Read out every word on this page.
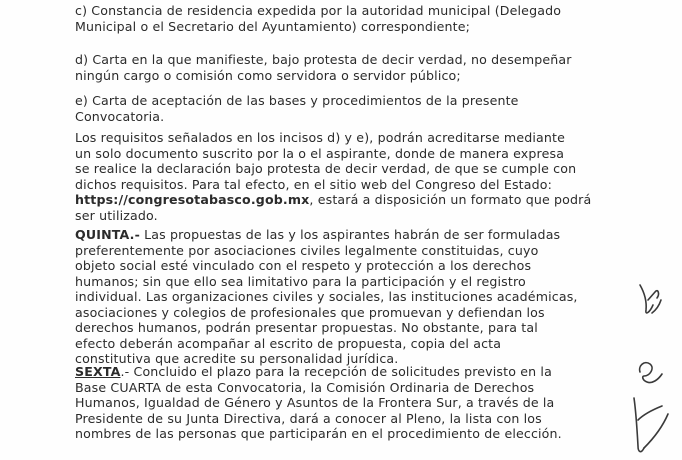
c) Constancia de residencia expedida por la autoridad municipal (Delegado
Municipal o el Secretario del Ayuntamiento) correspondiente;
d) Carta en la que manifieste, bajo protesta de decir verdad, no desempeñar
ningún cargo o comisión como servidora o servidor público;
e) Carta de aceptación de las bases y procedimientos de la presente
Convocatoria.
Los requisitos señalados en los incisos d) y e), podrán acreditarse mediante
un solo documento suscrito por la o el aspirante, donde de manera expresa
se realice la declaración bajo protesta de decir verdad, de que se cumple con
dichos requisitos. Para tal efecto, en el sitio web del Congreso del Estado:
https://congresotabasco.gob.mx, estará a disposición un formato que podrá
ser utilizado.
QUINTA.- Las propuestas de las y los aspirantes habrán de ser formuladas
preferentemente por asociaciones civiles legalmente constituidas, cuyo
objeto social esté vinculado con el respeto y protección a los derechos
humanos; sin que ello sea limitativo para la participación y el registro
individual. Las organizaciones civiles y sociales, las instituciones académicas,
asociaciones y colegios de profesionales que promuevan y defiendan los
derechos humanos, podrán presentar propuestas. No obstante, para tal
efecto deberán acompañar al escrito de propuesta, copia del acta
constitutiva que acredite su personalidad jurídica.
SEXTA.- Concluido el plazo para la recepción de solicitudes previsto en la
Base CUARTA de esta Convocatoria, la Comisión Ordinaria de Derechos
Humanos, Igualdad de Género y Asuntos de la Frontera Sur, a través de la
Presidente de su Junta Directiva, dará a conocer al Pleno, la lista con los
nombres de las personas que participarán en el procedimiento de elección.
